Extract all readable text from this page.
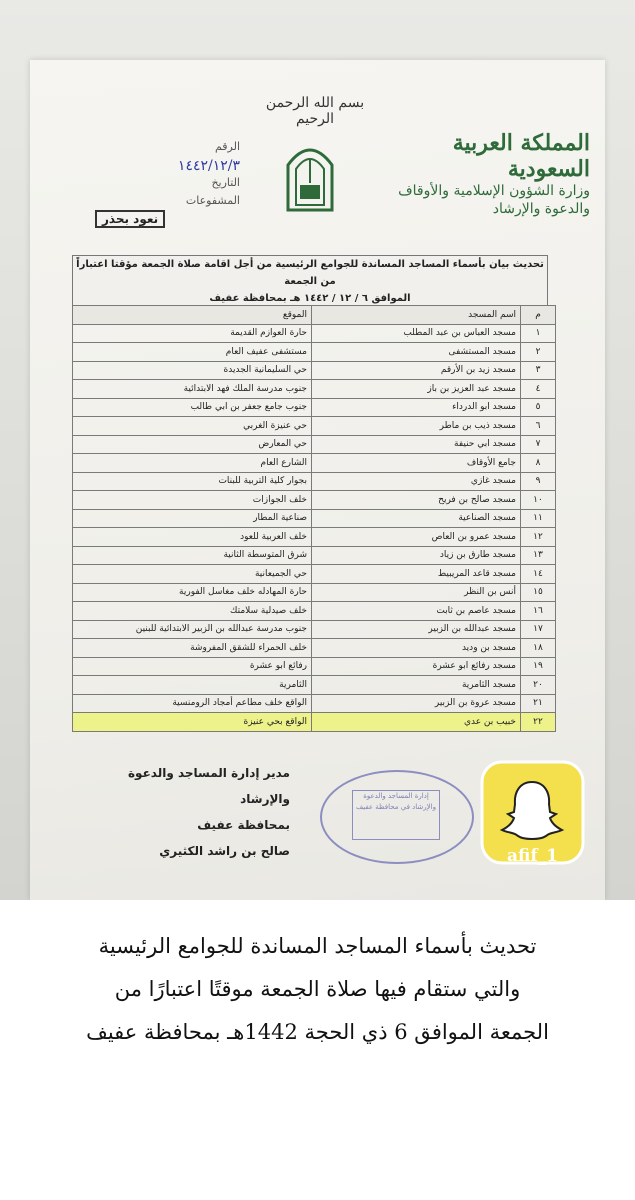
بسم الله الرحمن الرحيم
المملكة العربية السعودية
وزارة الشؤون الإسلامية والأوقاف
والدعوة والإرشاد
الرقم
١٤٤٢/١٢/٣
التاريخ
المشفوعات
نعود بحذر
تحديث بيان بأسماء المساجد المساندة للجوامع الرئيسية من أجل اقامة صلاة الجمعة مؤقتا اعتباراً من الجمعة
الموافق ٦ / ١٢ / ١٤٤٢ هـ بمحافظة عفيف
م	اسم المسجد	الموقع
١	مسجد العباس بن عبد المطلب	حارة العوازم القديمة
٢	مسجد المستشفى	مستشفى عفيف العام
٣	مسجد زيد بن الأرقم	حي السليمانية الجديدة
٤	مسجد عبد العزيز بن باز	جنوب مدرسة الملك فهد الابتدائية
٥	مسجد ابو الدرداء	جنوب جامع جعفر بن ابي طالب
٦	مسجد ذيب بن ماطر	حي عنيزة الغربي
٧	مسجد ابي حنيفة	حي المعارض
٨	جامع الأوقاف	الشارع العام
٩	مسجد غازي	بجوار كلية التربية للبنات
١٠	مسجد صالح بن فريح	خلف الجوازات
١١	مسجد الصناعية	صناعية المطار
١٢	مسجد عمرو بن العاص	خلف العربية للعود
١٣	مسجد طارق بن زياد	شرق المتوسطة الثانية
١٤	مسجد قاعد المريبيط	حي الجميعانية
١٥	أنس بن النظر	حارة المهادله خلف مغاسل الفورية
١٦	مسجد عاصم بن ثابت	خلف صيدلية سلامتك
١٧	مسجد عبدالله بن الزبير	جنوب مدرسة عبدالله بن الزبير الابتدائية للبنين
١٨	مسجد بن وديد	خلف الحمراء للشقق المفروشة
١٩	مسجد رفائع ابو عشرة	رفائع ابو عشرة
٢٠	مسجد الثامرية	الثامرية
٢١	مسجد عروة بن الزبير	الواقع خلف مطاعم أمجاد الرومنسية
٢٢	خبيب بن عدي	الواقع بحي عنيزة
مدير إدارة المساجد والدعوة والإرشاد
بمحافظة عفيف
صالح بن راشد الكثيري
إدارة المساجد والدعوة
والإرشاد في محافظة عفيف
afif_1
تحديث بأسماء المساجد المساندة للجوامع الرئيسية
والتي ستقام فيها صلاة الجمعة موقتًا اعتبارًا من
الجمعة الموافق 6 ذي الحجة 1442هـ بمحافظة عفيف
